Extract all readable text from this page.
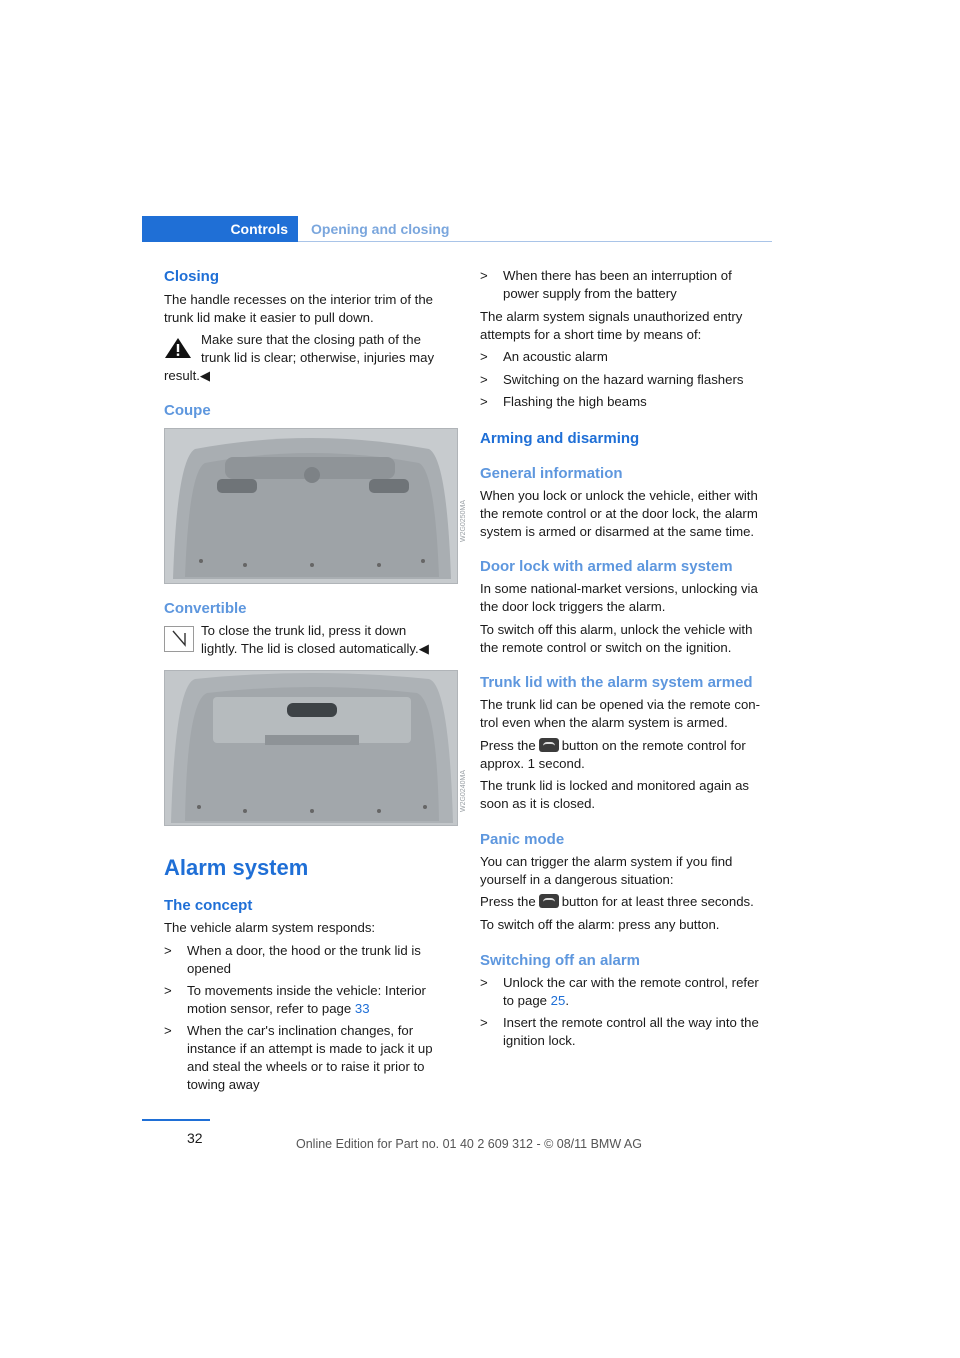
Controls Opening and closing
Closing

The handle recesses on the interior trim of the trunk lid make it easier to pull down.

Make sure that the closing path of the
trunk lid is clear; otherwise, injuries may
result.◀
Coupe
W2G0250MA
Convertible
To close the trunk lid, press it down
lightly. The lid is closed automatically.◀
W2G0240MA
Alarm system
The concept
The vehicle alarm system responds:
> When a door, the hood or the trunk lid is
opened
> To movements inside the vehicle: Interior
motion sensor, refer to page 33
> When the car's inclination changes, for
instance if an attempt is made to jack it up
and steal the wheels or to raise it prior to
towing away
> When there has been an interruption of
power supply from the battery
The alarm system signals unauthorized entry
attempts for a short time by means of:
> An acoustic alarm
> Switching on the hazard warning flashers
> Flashing the high beams
Arming and disarming
General information
When you lock or unlock the vehicle, either with
the remote control or at the door lock, the alarm
system is armed or disarmed at the same time.
Door lock with armed alarm system
In some national-market versions, unlocking via
the door lock triggers the alarm.
To switch off this alarm, unlock the vehicle with
the remote control or switch on the ignition.
Trunk lid with the alarm system armed
The trunk lid can be opened via the remote con-
trol even when the alarm system is armed.
Press the button on the remote control for
approx. 1 second.
The trunk lid is locked and monitored again as
soon as it is closed.
Panic mode
You can trigger the alarm system if you find
yourself in a dangerous situation:
Press the button for at least three seconds.
To switch off the alarm: press any button.
Switching off an alarm
> Unlock the car with the remote control, refer
to page 25.
> Insert the remote control all the way into the
ignition lock.
32	Online Edition for Part no. 01 40 2 609 312 - © 08/11 BMW AG
